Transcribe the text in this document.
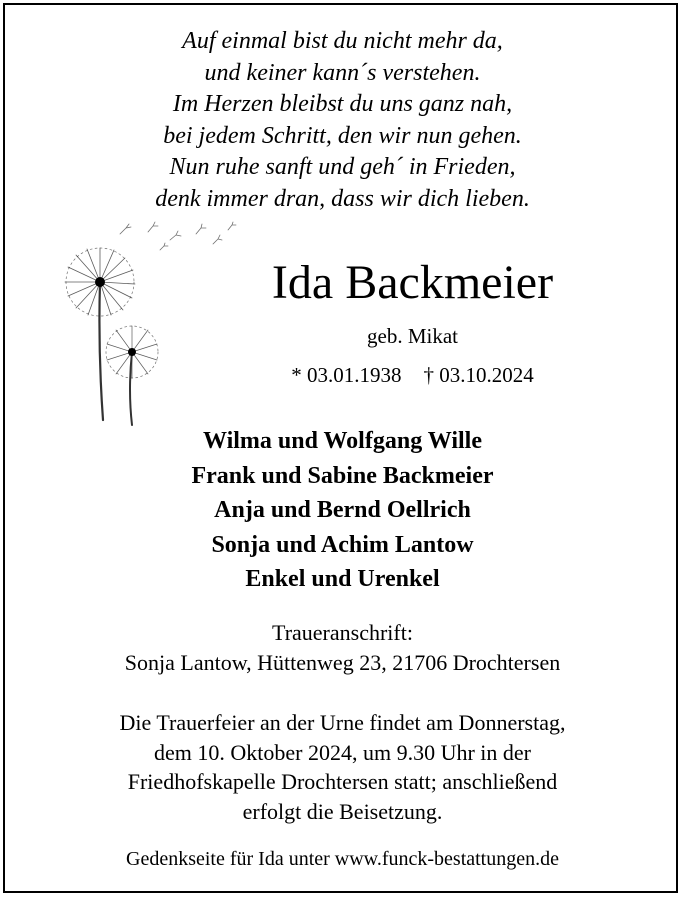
Auf einmal bist du nicht mehr da,
und keiner kann´s verstehen.
Im Herzen bleibst du uns ganz nah,
bei jedem Schritt, den wir nun gehen.
Nun ruhe sanft und geh´ in Frieden,
denk immer dran, dass wir dich lieben.
Ida Backmeier
geb. Mikat
* 03.01.1938 † 03.10.2024
Wilma und Wolfgang Wille
Frank und Sabine Backmeier
Anja und Bernd Oellrich
Sonja und Achim Lantow
Enkel und Urenkel
Traueranschrift:
Sonja Lantow, Hüttenweg 23, 21706 Drochtersen
Die Trauerfeier an der Urne findet am Donnerstag,
dem 10. Oktober 2024, um 9.30 Uhr in der
Friedhofskapelle Drochtersen statt; anschließend
erfolgt die Beisetzung.
Gedenkseite für Ida unter www.funck-bestattungen.de
